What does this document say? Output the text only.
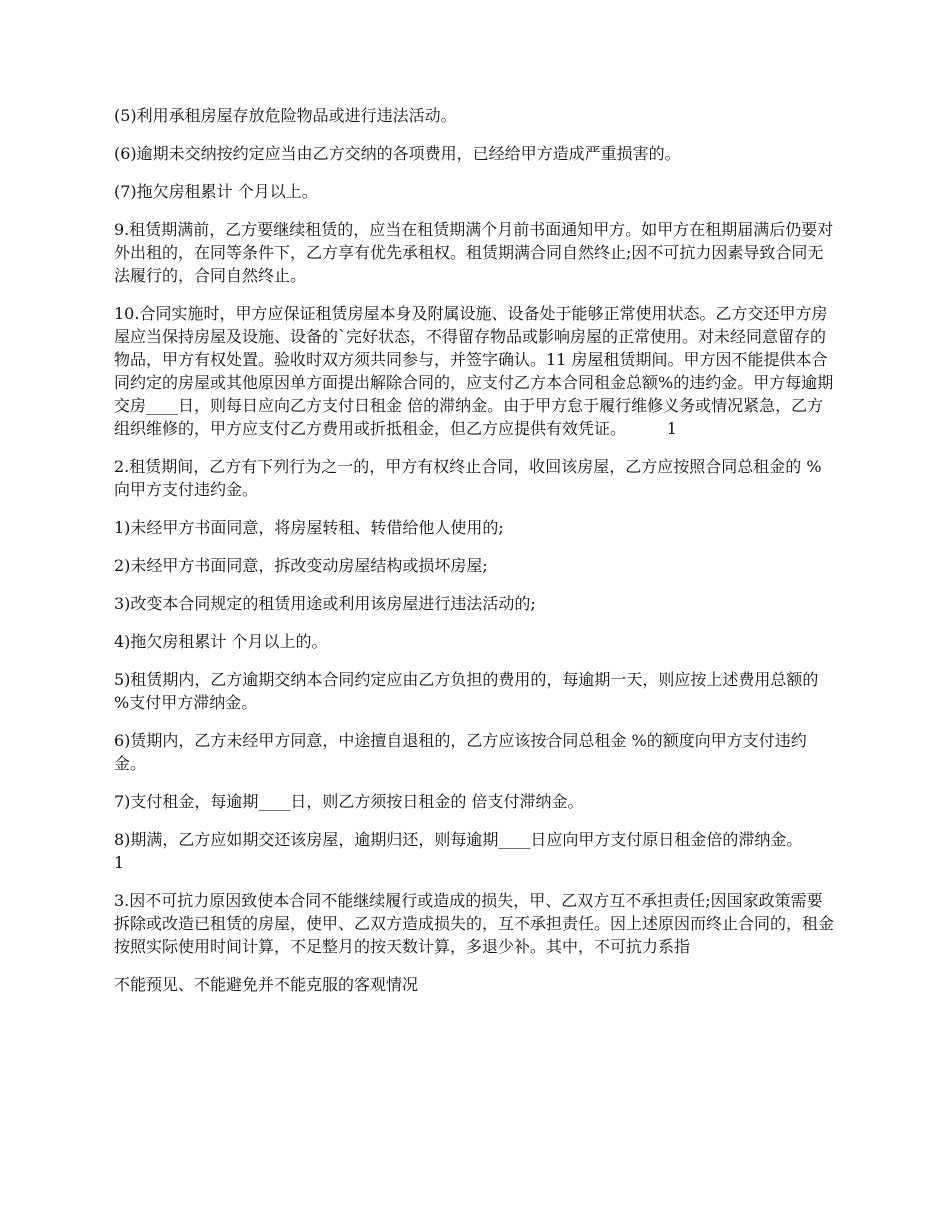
(5)利用承租房屋存放危险物品或进行违法活动。

(6)逾期未交纳按约定应当由乙方交纳的各项费用，已经给甲方造成严重损害的。

(7)拖欠房租累计 个月以上。

9.租赁期满前，乙方要继续租赁的，应当在租赁期满个月前书面通知甲方。如甲方在租期届满后仍要对外出租的，在同等条件下，乙方享有优先承租权。租赁期满合同自然终止;因不可抗力因素导致合同无法履行的，合同自然终止。

10.合同实施时，甲方应保证租赁房屋本身及附属设施、设备处于能够正常使用状态。乙方交还甲方房屋应当保持房屋及设施、设备的`完好状态，不得留存物品或影响房屋的正常使用。对未经同意留存的物品，甲方有权处置。验收时双方须共同参与，并签字确认。11 房屋租赁期间。甲方因不能提供本合同约定的房屋或其他原因单方面提出解除合同的，应支付乙方本合同租金总额%的违约金。甲方每逾期交房____日，则每日应向乙方支付日租金 倍的滞纳金。由于甲方怠于履行维修义务或情况紧急，乙方组织维修的，甲方应支付乙方费用或折抵租金，但乙方应提供有效凭证。        1

2.租赁期间，乙方有下列行为之一的，甲方有权终止合同，收回该房屋，乙方应按照合同总租金的 %向甲方支付违约金。

1)未经甲方书面同意，将房屋转租、转借给他人使用的;

2)未经甲方书面同意，拆改变动房屋结构或损坏房屋;

3)改变本合同规定的租赁用途或利用该房屋进行违法活动的;

4)拖欠房租累计 个月以上的。

5)租赁期内，乙方逾期交纳本合同约定应由乙方负担的费用的，每逾期一天，则应按上述费用总额的 %支付甲方滞纳金。

6)赁期内，乙方未经甲方同意，中途擅自退租的，乙方应该按合同总租金 %的额度向甲方支付违约金。

7)支付租金，每逾期____日，则乙方须按日租金的 倍支付滞纳金。

8)期满，乙方应如期交还该房屋，逾期归还，则每逾期____日应向甲方支付原日租金倍的滞纳金。        1

3.因不可抗力原因致使本合同不能继续履行或造成的损失，甲、乙双方互不承担责任;因国家政策需要拆除或改造已租赁的房屋，使甲、乙双方造成损失的，互不承担责任。因上述原因而终止合同的，租金按照实际使用时间计算，不足整月的按天数计算，多退少补。其中，不可抗力系指

不能预见、不能避免并不能克服的客观情况
